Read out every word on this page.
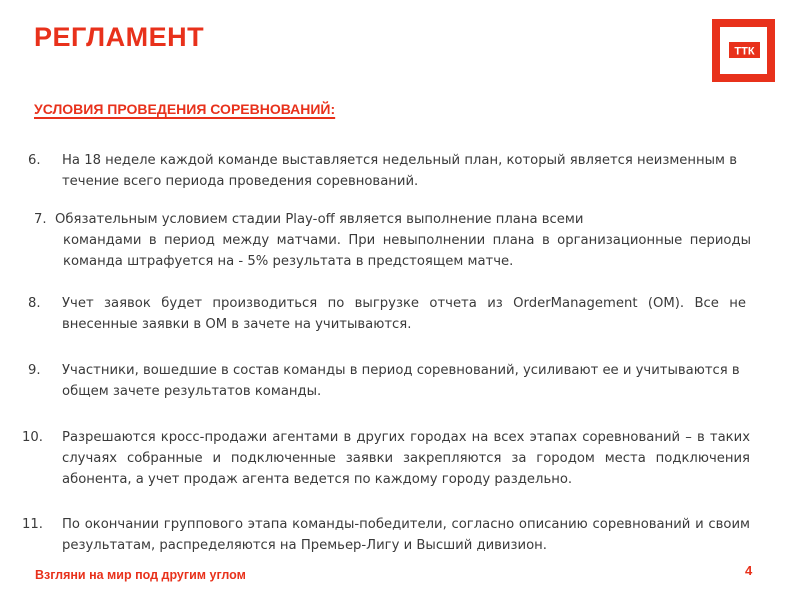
РЕГЛАМЕНТ	ТТК
УСЛОВИЯ ПРОВЕДЕНИЯ СОРЕВНОВАНИЙ:
6. На 18 неделе каждой команде выставляется недельный план, который является неизменным в течение всего периода проведения соревнований.
7. Обязательным условием стадии Play-off является выполнение плана всеми
командами в период между матчами. При невыполнении плана в организационные периоды команда штрафуется на - 5% результата в предстоящем матче.
8. Учет заявок будет производиться по выгрузке отчета из OrderManagement (OM). Все не внесенные заявки в ОМ в зачете на учитываются.
9. Участники, вошедшие в состав команды в период соревнований, усиливают ее и учитываются в общем зачете результатов команды.
10. Разрешаются кросс-продажи агентами в других городах на всех этапах соревнований – в таких случаях собранные и подключенные заявки закрепляются за городом места подключения абонента, а учет продаж агента ведется по каждому городу раздельно.
11. По окончании группового этапа команды-победители, согласно описанию соревнований и своим результатам, распределяются на Премьер-Лигу и Высший дивизион.
Взгляни на мир под другим углом	4
